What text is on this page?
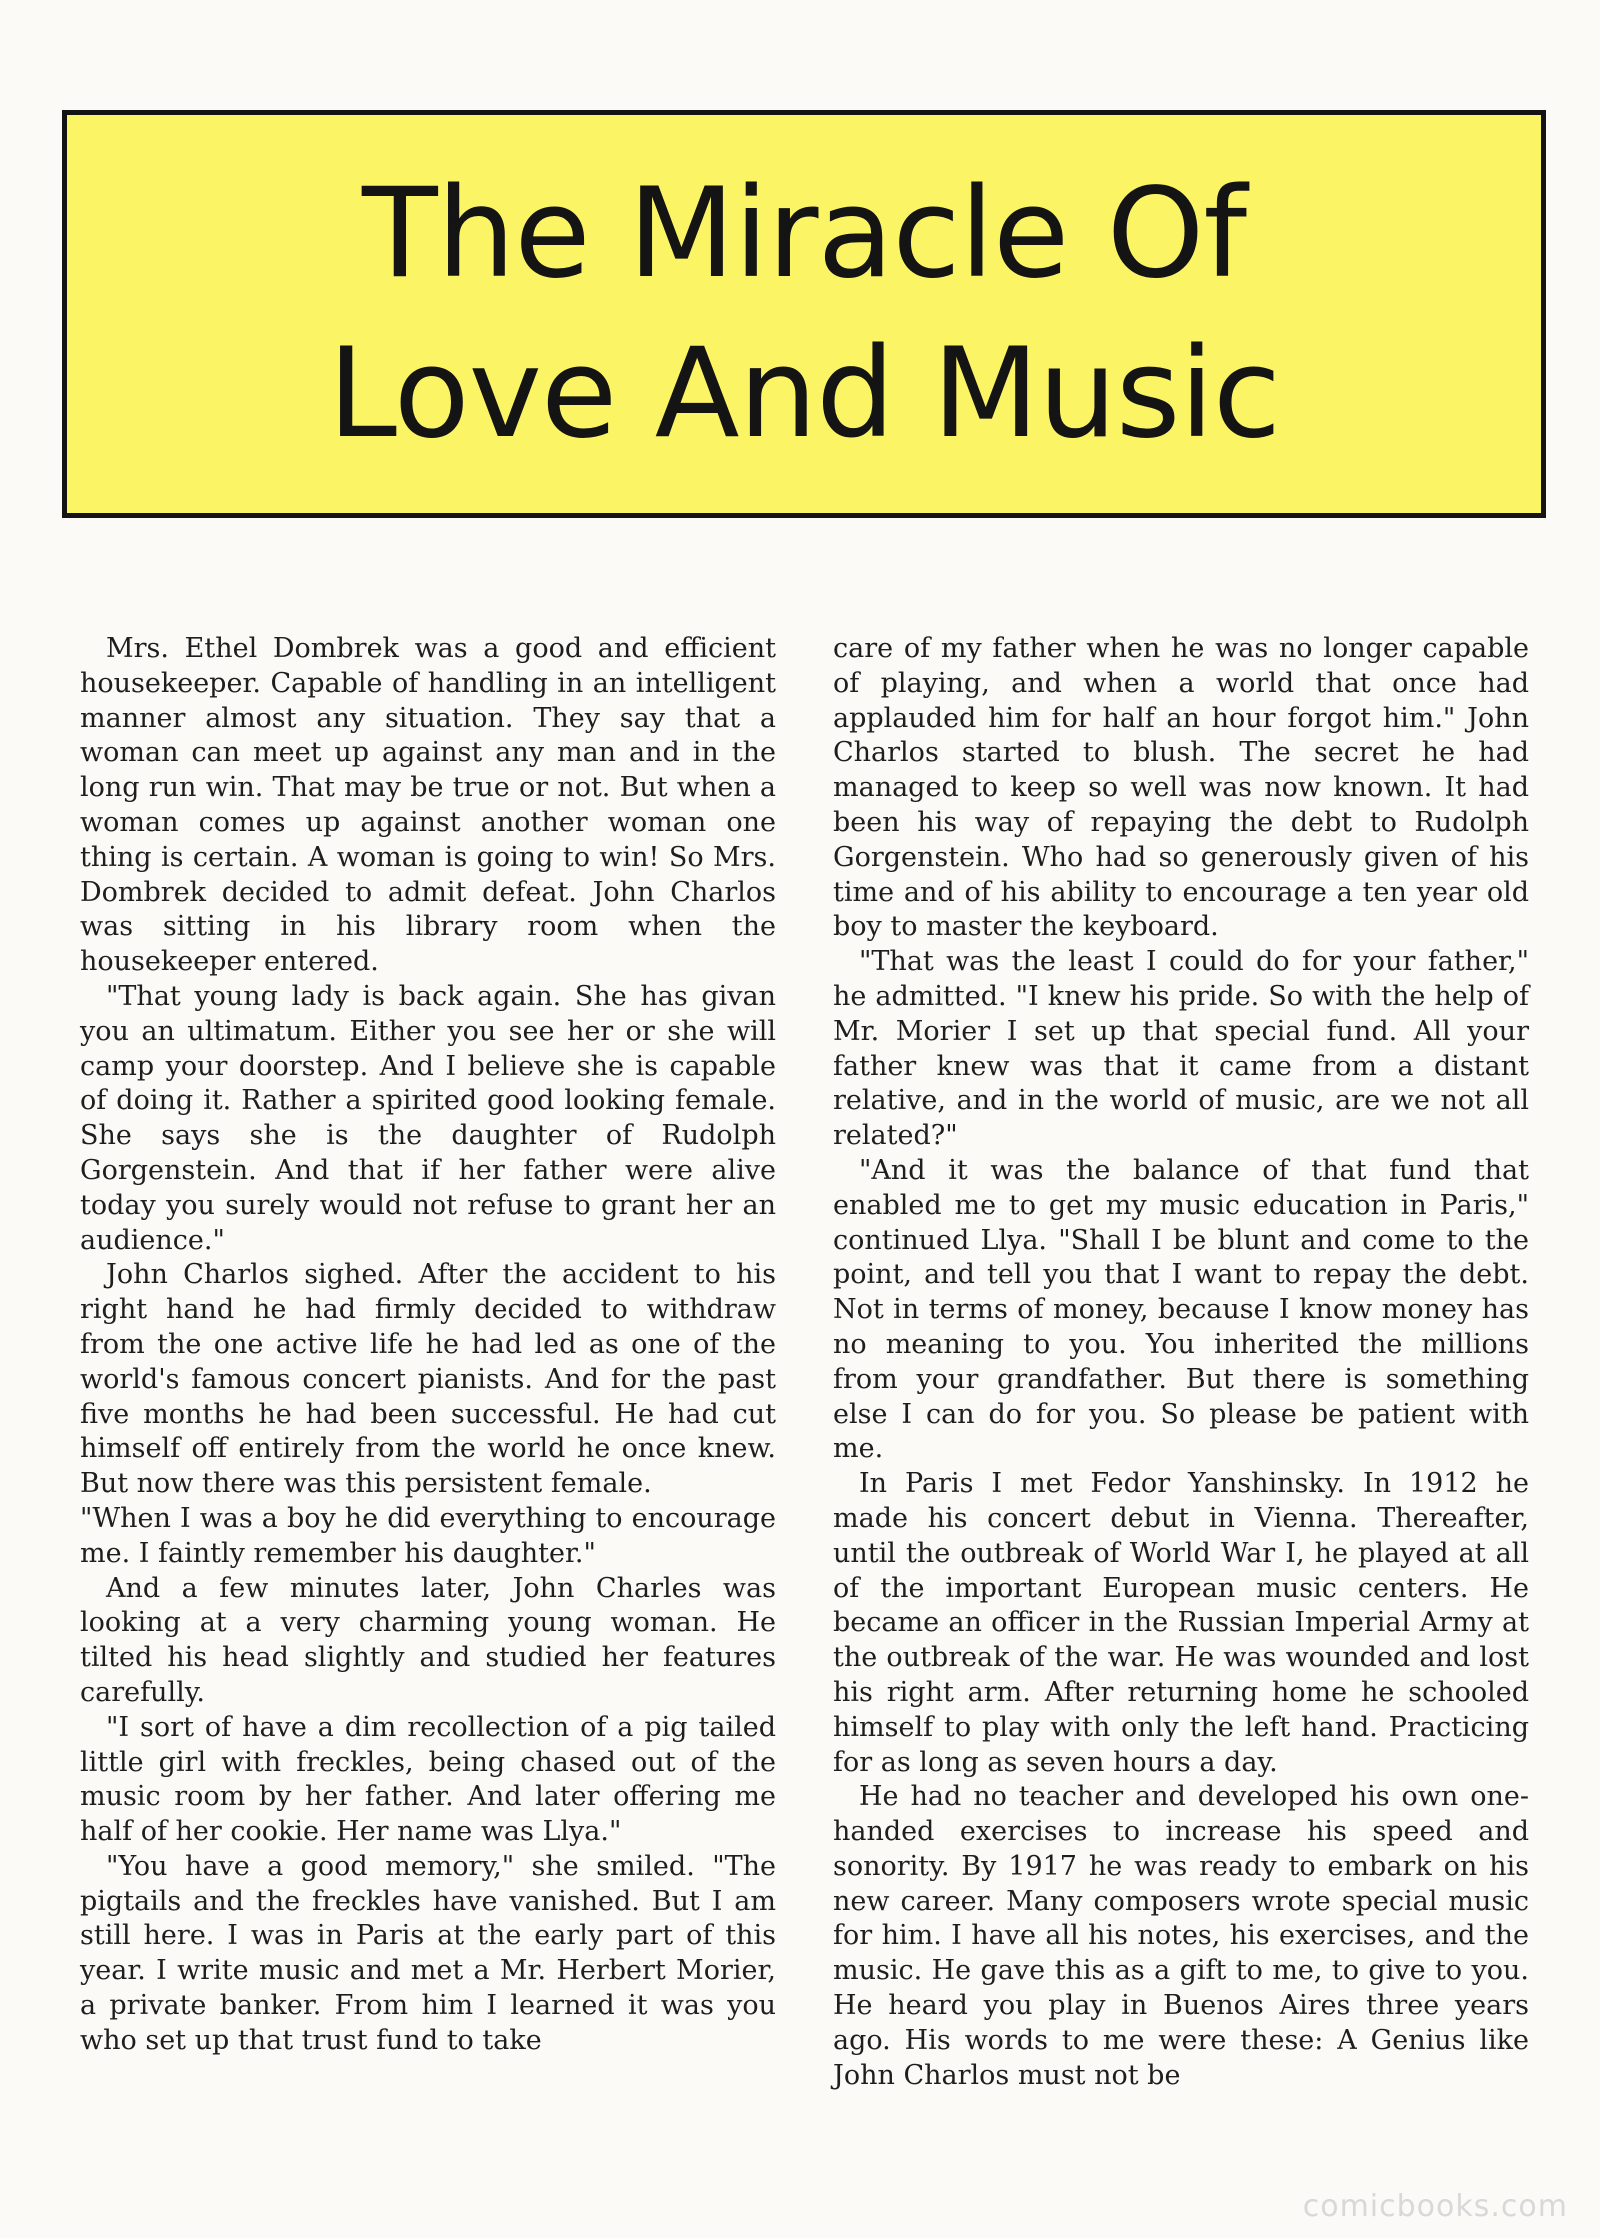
The Miracle Of
Love And Music

Mrs. Ethel Dombrek was a good and efficient housekeeper. Capable of handling in an intelligent manner almost any situation. They say that a woman can meet up against any man and in the long run win. That may be true or not. But when a woman comes up against another woman one thing is certain. A woman is going to win! So Mrs. Dombrek decided to admit defeat. John Charlos was sitting in his library room when the housekeeper entered.

"That young lady is back again. She has givan you an ultimatum. Either you see her or she will camp your doorstep. And I believe she is capable of doing it. Rather a spirited good looking female. She says she is the daughter of Rudolph Gorgenstein. And that if her father were alive today you surely would not refuse to grant her an audience."

John Charlos sighed. After the accident to his right hand he had firmly decided to withdraw from the one active life he had led as one of the world's famous concert pianists. And for the past five months he had been successful. He had cut himself off entirely from the world he once knew. But now there was this persistent female.

"When I was a boy he did everything to encourage me. I faintly remember his daughter."

And a few minutes later, John Charles was looking at a very charming young woman. He tilted his head slightly and studied her features carefully.

"I sort of have a dim recollection of a pig tailed little girl with freckles, being chased out of the music room by her father. And later offering me half of her cookie. Her name was Llya."

"You have a good memory," she smiled. "The pigtails and the freckles have vanished. But I am still here. I was in Paris at the early part of this year. I write music and met a Mr. Herbert Morier, a private banker. From him I learned it was you who set up that trust fund to take

care of my father when he was no longer capable of playing, and when a world that once had applauded him for half an hour forgot him." John Charlos started to blush. The secret he had managed to keep so well was now known. It had been his way of repaying the debt to Rudolph Gorgenstein. Who had so generously given of his time and of his ability to encourage a ten year old boy to master the keyboard.

"That was the least I could do for your father," he admitted. "I knew his pride. So with the help of Mr. Morier I set up that special fund. All your father knew was that it came from a distant relative, and in the world of music, are we not all related?"

"And it was the balance of that fund that enabled me to get my music education in Paris," continued Llya. "Shall I be blunt and come to the point, and tell you that I want to repay the debt. Not in terms of money, because I know money has no meaning to you. You inherited the millions from your grandfather. But there is something else I can do for you. So please be patient with me.

In Paris I met Fedor Yanshinsky. In 1912 he made his concert debut in Vienna. Thereafter, until the outbreak of World War I, he played at all of the important European music centers. He became an officer in the Russian Imperial Army at the outbreak of the war. He was wounded and lost his right arm. After returning home he schooled himself to play with only the left hand. Practicing for as long as seven hours a day.

He had no teacher and developed his own one-handed exercises to increase his speed and sonority. By 1917 he was ready to embark on his new career. Many composers wrote special music for him. I have all his notes, his exercises, and the music. He gave this as a gift to me, to give to you. He heard you play in Buenos Aires three years ago. His words to me were these: A Genius like John Charlos must not be

comicbooks.com
